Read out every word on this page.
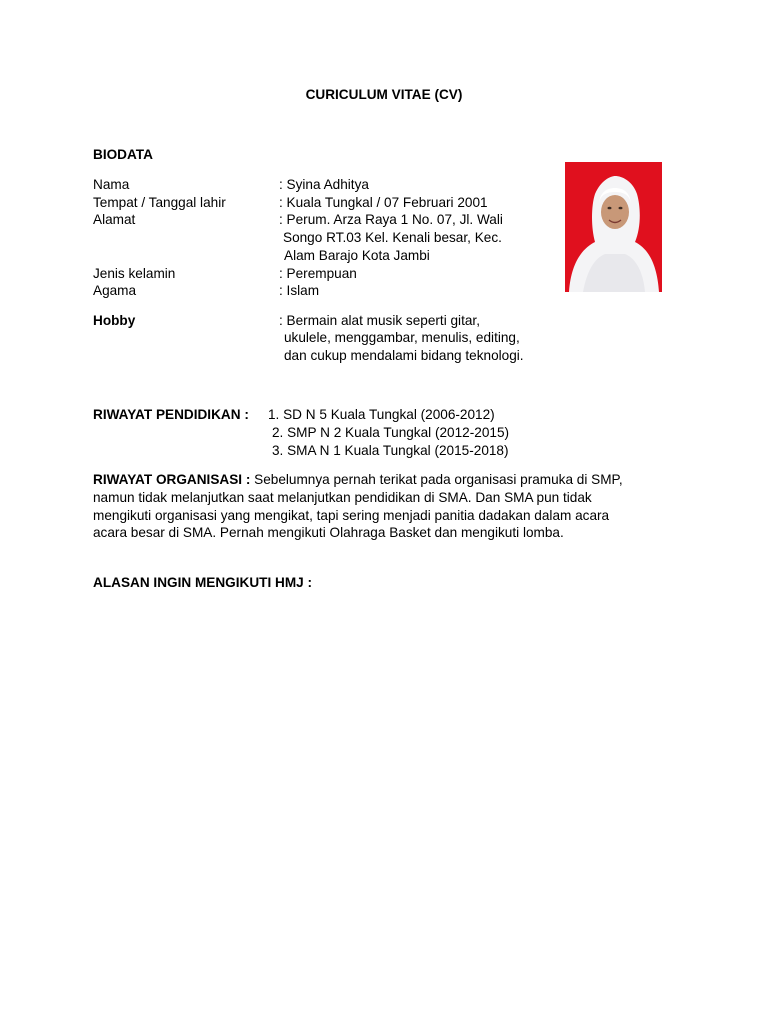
CURICULUM VITAE (CV)
BIODATA
Nama	: Syina Adhitya
Tempat / Tanggal lahir	: Kuala Tungkal / 07 Februari 2001
Alamat	: Perum. Arza Raya 1 No. 07, Jl. Wali
Songo RT.03 Kel. Kenali besar, Kec.
Alam Barajo Kota Jambi
Jenis kelamin	: Perempuan
Agama	: Islam
Hobby	: Bermain alat musik seperti gitar,
ukulele, menggambar, menulis, editing,
dan cukup mendalami bidang teknologi.
RIWAYAT PENDIDIKAN : 1. SD N 5 Kuala Tungkal (2006-2012)
2. SMP N 2 Kuala Tungkal (2012-2015)
3. SMA N 1 Kuala Tungkal (2015-2018)
RIWAYAT ORGANISASI : Sebelumnya pernah terikat pada organisasi pramuka di SMP, namun tidak melanjutkan saat melanjutkan pendidikan di SMA. Dan SMA pun tidak mengikuti organisasi yang mengikat, tapi sering menjadi panitia dadakan dalam acara acara besar di SMA. Pernah mengikuti Olahraga Basket dan mengikuti lomba.
ALASAN INGIN MENGIKUTI HMJ :
